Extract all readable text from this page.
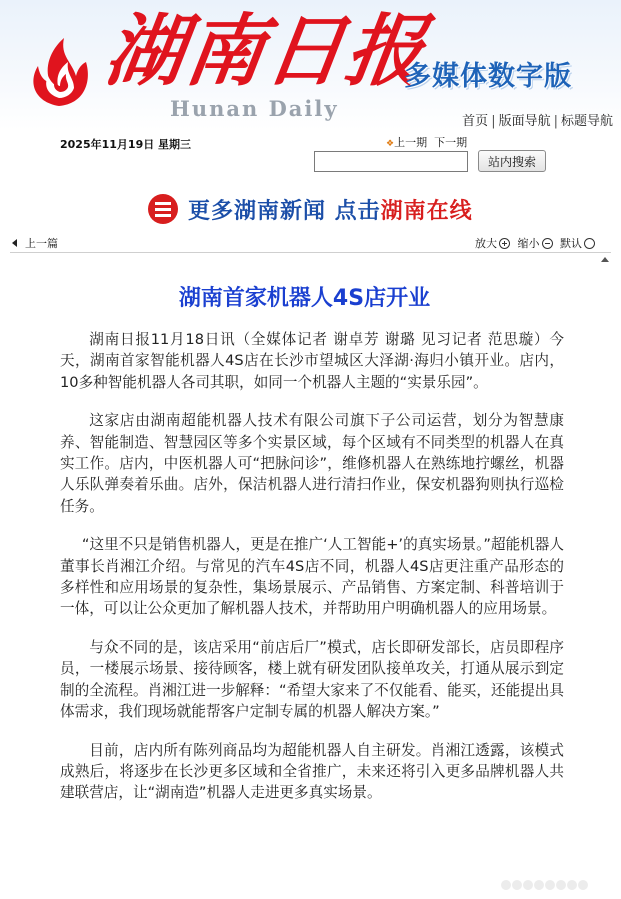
湖南日报
Hunan Daily
多媒体数字版
首页 | 版面导航 | 标题导航
2025年11月19日 星期三	❖上一期 下一期
站内搜索
更多湖南新闻 点击湖南在线
上一篇	放大 缩小 默认
湖南首家机器人4S店开业

湖南日报11月18日讯（全媒体记者 谢卓芳 谢璐 见习记者 范思璇）今天，湖南首家智能机器人4S店在长沙市望城区大泽湖·海归小镇开业。店内，10多种智能机器人各司其职，如同一个机器人主题的“实景乐园”。

这家店由湖南超能机器人技术有限公司旗下子公司运营，划分为智慧康养、智能制造、智慧园区等多个实景区域，每个区域有不同类型的机器人在真实工作。店内，中医机器人可“把脉问诊”，维修机器人在熟练地拧螺丝，机器人乐队弹奏着乐曲。店外，保洁机器人进行清扫作业，保安机器狗则执行巡检任务。

“这里不只是销售机器人，更是在推广‘人工智能+’的真实场景。”超能机器人董事长肖湘江介绍。与常见的汽车4S店不同，机器人4S店更注重产品形态的多样性和应用场景的复杂性，集场景展示、产品销售、方案定制、科普培训于一体，可以让公众更加了解机器人技术，并帮助用户明确机器人的应用场景。

与众不同的是，该店采用“前店后厂”模式，店长即研发部长，店员即程序员，一楼展示场景、接待顾客，楼上就有研发团队接单攻关，打通从展示到定制的全流程。肖湘江进一步解释：“希望大家来了不仅能看、能买，还能提出具体需求，我们现场就能帮客户定制专属的机器人解决方案。”

目前，店内所有陈列商品均为超能机器人自主研发。肖湘江透露，该模式成熟后，将逐步在长沙更多区域和全省推广，未来还将引入更多品牌机器人共建联营店，让“湖南造”机器人走进更多真实场景。
